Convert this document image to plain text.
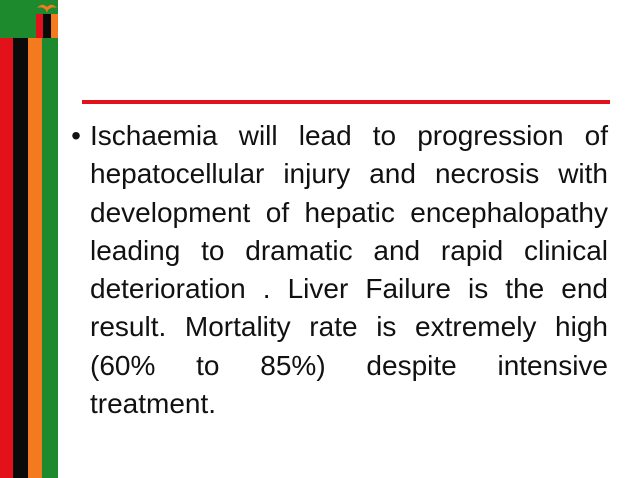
• Ischaemia will lead to progression of hepatocellular injury and necrosis with development of hepatic encephalopathy leading to dramatic and rapid clinical deterioration . Liver Failure is the end result. Mortality rate is extremely high (60% to 85%) despite intensive treatment.
